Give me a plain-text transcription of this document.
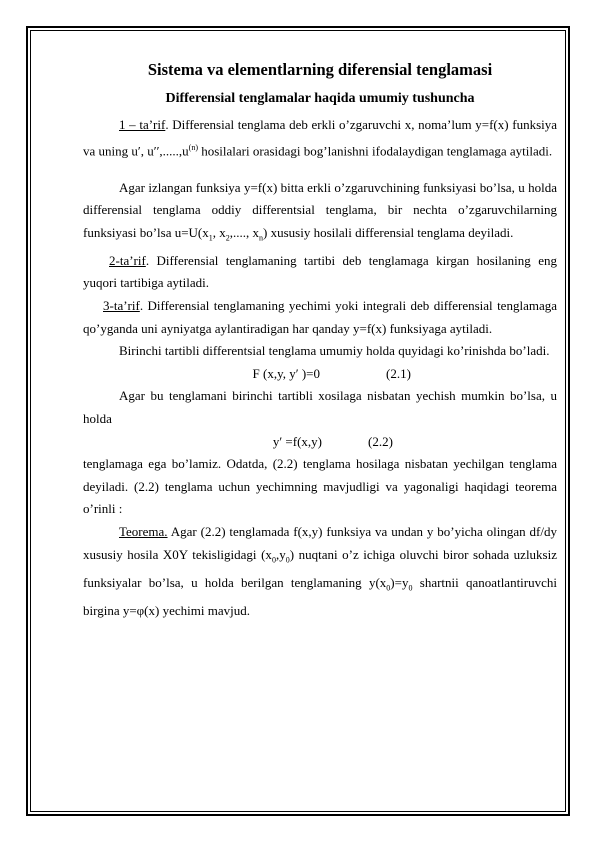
Sistema va elementlarning diferensial tenglamasi
Differensial tenglamalar haqida umumiy tushuncha

1 – ta’rif. Differensial tenglama deb erkli o’zgaruvchi x, noma’lum y=f(x) funksiya va uning u′, $u'',.....,u^{(n)}$ hosilalari orasidagi bog’lanishni ifodalaydigan tenglamaga aytiladi.

Agar izlangan funksiya y=f(x) bitta erkli o’zgaruvchining funksiyasi bo’lsa, u holda differensial tenglama oddiy differentsial tenglama, bir nechta o’zgaruvchilarning funksiyasi bo’lsa $u=U(x_1$, $x_2$,...., $x_n$) xususiy hosilali differensial tenglama deyiladi.

2-ta’rif. Differensial tenglamaning tartibi deb tenglamaga kirgan hosilaning eng yuqori tartibiga aytiladi.

3-ta’rif. Differensial tenglamaning yechimi yoki integrali deb differensial tenglamaga qo’yganda uni ayniyatga aylantiradigan har qanday y=f(x) funksiyaga aytiladi.

Birinchi tartibli differentsial tenglama umumiy holda quyidagi ko’rinishda bo’ladi.

F (x,y, y′ )=0	(2.1)

Agar bu tenglamani birinchi tartibli xosilaga nisbatan yechish mumkin bo’lsa, u holda

y′ =f(x,y)	(2.2)

tenglamaga ega bo’lamiz. Odatda, (2.2) tenglama hosilaga nisbatan yechilgan tenglama deyiladi. (2.2) tenglama uchun yechimning mavjudligi va yagonaligi haqidagi teorema o’rinli :

Teorema. Agar (2.2) tenglamada f(x,y) funksiya va undan y bo’yicha olingan df/dy xususiy hosila X0Y tekisligidagi $(x_0,y_0)$ nuqtani o’z ichiga oluvchi biror sohada uzluksiz funksiyalar bo’lsa, u holda berilgan tenglamaning $y(x_0)=y_0$ shartnii qanoatlantiruvchi birgina y=φ(x) yechimi mavjud.
